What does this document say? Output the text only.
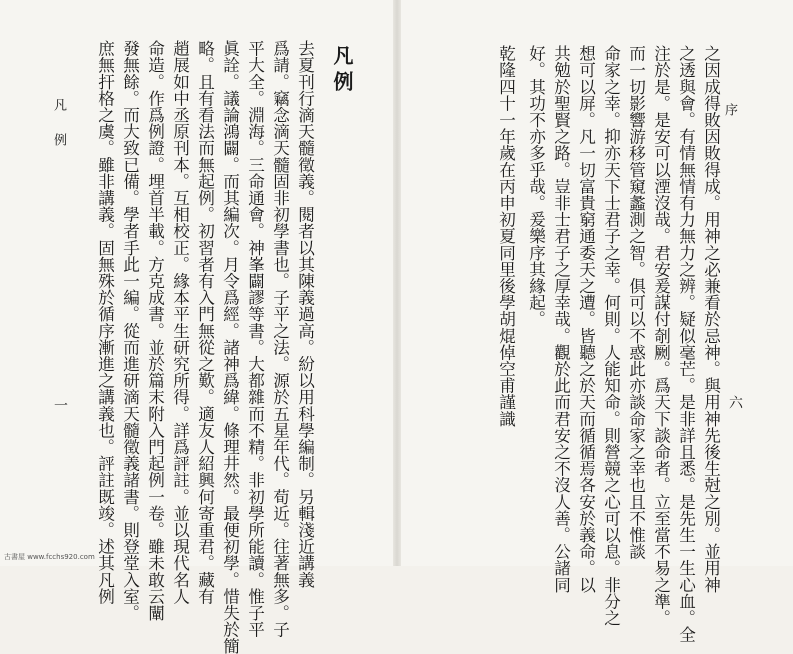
凡例
去夏刊行滴天髓徵義。閱者以其陳義過高。紛以用科學編制。另輯淺近講義
爲請。竊念滴天髓固非初學書也。子平之法。源於五星年代。荀近。往著無多。子
平大全。淵海。三命通會。神峯闢謬等書。大都雜而不精。非初學所能讀。惟子平
眞詮。議論鴻闢。而其編次。月令爲經。諸神爲緯。條理井然。最便初學。惜失於簡
略。且有看法而無起例。初習者有入門無從之歎。適友人紹興何寄重君。藏有
趙展如中丞原刊本。互相校正。緣本平生研究所得。詳爲評註。並以現代名人
命造。作爲例證。埋首半載。方克成書。並於篇末附入門起例一卷。雖未敢云闡
發無餘。而大致已備。學者手此一編。從而進研滴天髓徵義諸書。則登堂入室。
庶無扞格之虞。雖非講義。固無殊於循序漸進之講義也。評註既竣。述其凡例
凡例
一
序
六
之因成得敗因敗得成。用神之必兼看於忌神。與用神先後生尅之別。並用神
之透與會。有情無情有力無力之辨。疑似毫芒。是非詳且悉。是先生一生心血。全
注於是。是安可以湮沒哉。君安爰謀付剞劂。爲天下談命者。立至當不易之準。
而一切影響游移管窺蠡測之智。俱可以不惑此亦談命家之幸也且不惟談
命家之幸。抑亦天下士君子之幸。何則。人能知命。則營競之心可以息。非分之
想可以屏。凡一切富貴窮通委天之遭。皆聽之於天而循循焉各安於義命。以
共勉於聖賢之路。豈非士君子之厚幸哉。觀於此而君安之不沒人善。公諸同
好。其功不亦多乎哉。爰樂序其緣起。
乾隆四十一年歲在丙申初夏同里後學胡焜倬空甫謹識
古書屋 www.fcchs920.com
